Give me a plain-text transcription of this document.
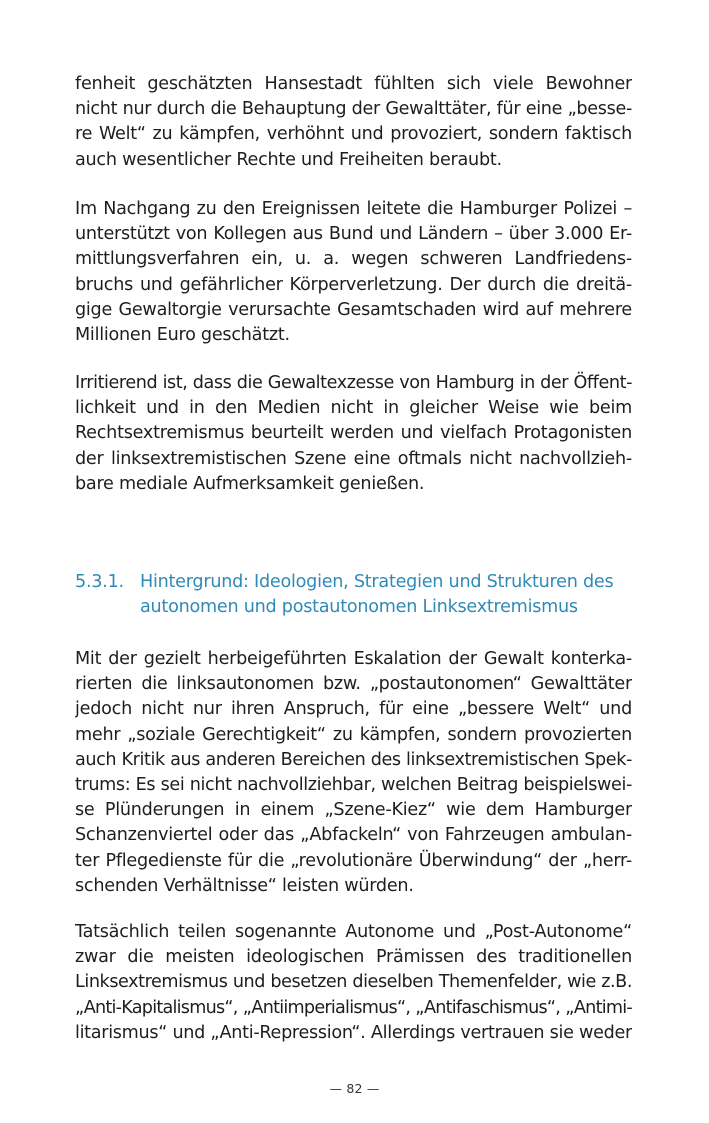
fenheit geschätzten Hansestadt fühlten sich viele Bewohner
nicht nur durch die Behauptung der Gewalttäter, für eine „besse-
re Welt“ zu kämpfen, verhöhnt und provoziert, sondern faktisch
auch wesentlicher Rechte und Freiheiten beraubt.
Im Nachgang zu den Ereignissen leitete die Hamburger Polizei –
unterstützt von Kollegen aus Bund und Ländern – über 3.000 Er-
mittlungsverfahren ein, u. a. wegen schweren Landfriedens-
bruchs und gefährlicher Körperverletzung. Der durch die dreitä-
gige Gewaltorgie verursachte Gesamtschaden wird auf mehrere
Millionen Euro geschätzt.
Irritierend ist, dass die Gewaltexzesse von Hamburg in der Öffent-
lichkeit und in den Medien nicht in gleicher Weise wie beim
Rechtsextremismus beurteilt werden und vielfach Protagonisten
der linksextremistischen Szene eine oftmals nicht nachvollzieh-
bare mediale Aufmerksamkeit genießen.
5.3.1. Hintergrund: Ideologien, Strategien und Strukturen des
autonomen und postautonomen Linksextremismus
Mit der gezielt herbeigeführten Eskalation der Gewalt konterka-
rierten die linksautonomen bzw. „postautonomen“ Gewalttäter
jedoch nicht nur ihren Anspruch, für eine „bessere Welt“ und
mehr „soziale Gerechtigkeit“ zu kämpfen, sondern provozierten
auch Kritik aus anderen Bereichen des linksextremistischen Spek-
trums: Es sei nicht nachvollziehbar, welchen Beitrag beispielswei-
se Plünderungen in einem „Szene-Kiez“ wie dem Hamburger
Schanzenviertel oder das „Abfackeln“ von Fahrzeugen ambulan-
ter Pflegedienste für die „revolutionäre Überwindung“ der „herr-
schenden Verhältnisse“ leisten würden.
Tatsächlich teilen sogenannte Autonome und „Post-Autonome“
zwar die meisten ideologischen Prämissen des traditionellen
Linksextremismus und besetzen dieselben Themenfelder, wie z.B.
„Anti-Kapitalismus“, „Antiimperialismus“, „Antifaschismus“, „Antimi-
litarismus“ und „Anti-Repression“. Allerdings vertrauen sie weder
— 82 —
